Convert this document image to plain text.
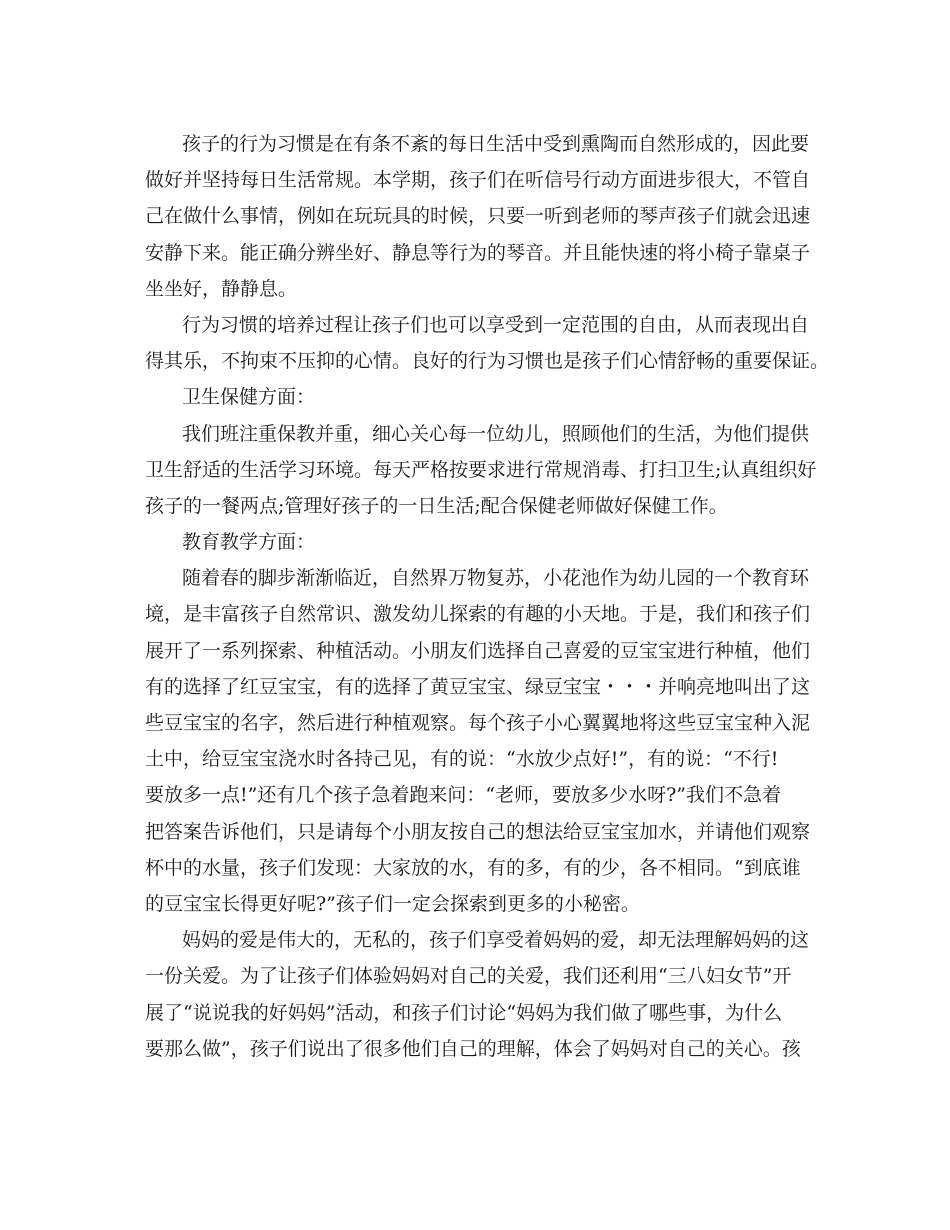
孩子的行为习惯是在有条不紊的每日生活中受到熏陶而自然形成的，因此要
做好并坚持每日生活常规。本学期，孩子们在听信号行动方面进步很大，不管自
己在做什么事情，例如在玩玩具的时候，只要一听到老师的琴声孩子们就会迅速
安静下来。能正确分辨坐好、静息等行为的琴音。并且能快速的将小椅子靠桌子
坐坐好，静静息。
行为习惯的培养过程让孩子们也可以享受到一定范围的自由，从而表现出自
得其乐，不拘束不压抑的心情。良好的行为习惯也是孩子们心情舒畅的重要保证。
卫生保健方面：
我们班注重保教并重，细心关心每一位幼儿，照顾他们的生活，为他们提供
卫生舒适的生活学习环境。每天严格按要求进行常规消毒、打扫卫生;认真组织好
孩子的一餐两点;管理好孩子的一日生活;配合保健老师做好保健工作。
教育教学方面：
随着春的脚步渐渐临近，自然界万物复苏，小花池作为幼儿园的一个教育环
境，是丰富孩子自然常识、激发幼儿探索的有趣的小天地。于是，我们和孩子们
展开了一系列探索、种植活动。小朋友们选择自己喜爱的豆宝宝进行种植，他们
有的选择了红豆宝宝，有的选择了黄豆宝宝、绿豆宝宝・・・并响亮地叫出了这
些豆宝宝的名字，然后进行种植观察。每个孩子小心翼翼地将这些豆宝宝种入泥
土中，给豆宝宝浇水时各持己见，有的说：“水放少点好!”，有的说：“不行!
要放多一点!”还有几个孩子急着跑来问：“老师，要放多少水呀?”我们不急着
把答案告诉他们，只是请每个小朋友按自己的想法给豆宝宝加水，并请他们观察
杯中的水量，孩子们发现：大家放的水，有的多，有的少，各不相同。“到底谁
的豆宝宝长得更好呢?”孩子们一定会探索到更多的小秘密。
妈妈的爱是伟大的，无私的，孩子们享受着妈妈的爱，却无法理解妈妈的这
一份关爱。为了让孩子们体验妈妈对自己的关爱，我们还利用“三八妇女节”开
展了“说说我的好妈妈”活动，和孩子们讨论“妈妈为我们做了哪些事，为什么
要那么做”，孩子们说出了很多他们自己的理解，体会了妈妈对自己的关心。孩
